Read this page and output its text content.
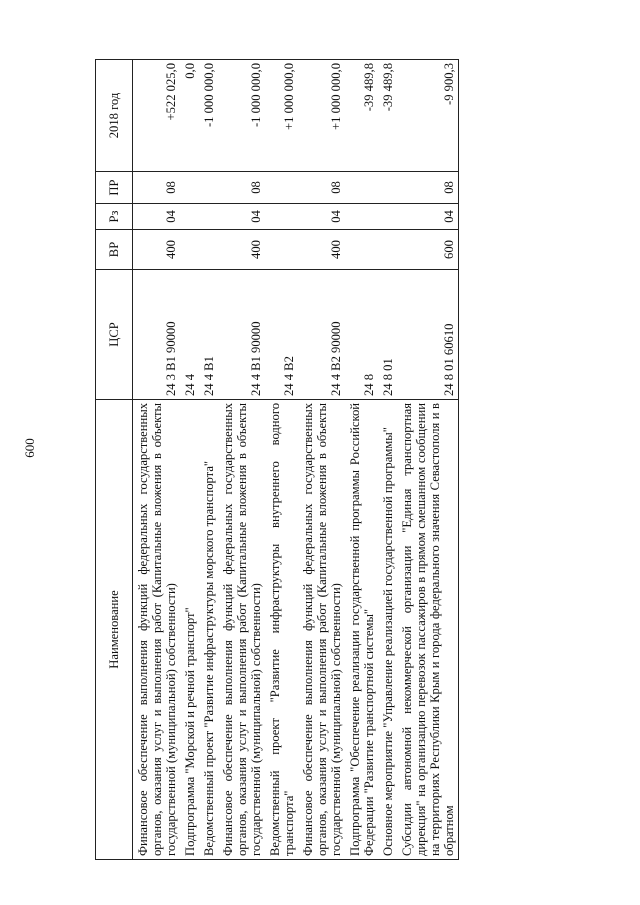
600
Наименование	ЦСР	ВР	Рз	ПР	2018 год
Финансовое обеспечение выполнения функций федеральных государственных органов, оказания услуг и выполнения работ (Капитальные вложения в объекты государственной (муниципальной) собственности)	24 3 В1 90000	400	04	08	+522 025,0
Подпрограмма "Морской и речной транспорт"	24 4				0,0
Ведомственный проект "Развитие инфраструктуры морского транспорта"	24 4 В1				-1 000 000,0
Финансовое обеспечение выполнения функций федеральных государственных органов, оказания услуг и выполнения работ (Капитальные вложения в объекты государственной (муниципальной) собственности)	24 4 В1 90000	400	04	08	-1 000 000,0
Ведомственный проект "Развитие инфраструктуры внутреннего водного транспорта"	24 4 В2				+1 000 000,0
Финансовое обеспечение выполнения функций федеральных государственных органов, оказания услуг и выполнения работ (Капитальные вложения в объекты государственной (муниципальной) собственности)	24 4 В2 90000	400	04	08	+1 000 000,0
Подпрограмма "Обеспечение реализации государственной программы Российской Федерации "Развитие транспортной системы"	24 8				-39 489,8
Основное мероприятие "Управление реализацией государственной программы"	24 8 01				-39 489,8
Субсидии автономной некоммерческой организации "Единая транспортная дирекция" на организацию перевозок пассажиров в прямом смешанном сообщении на территориях Республики Крым и города федерального значения Севастополя и в обратном	24 8 01 60610	600	04	08	-9 900,3
